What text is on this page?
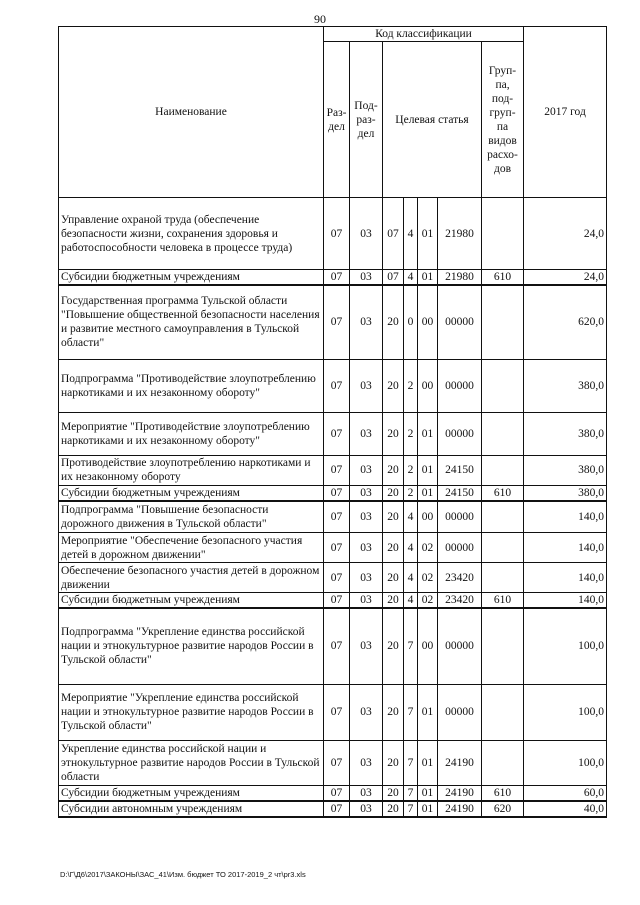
90
Наименование	Код классификации							2017 год
	Раз-дел	Под-раз-дел	Целевая статья				Груп-па, под-груп-па видов расхо-дов	
Управление охраной труда (обеспечение безопасности жизни, сохранения здоровья и работоспособности человека в процессе труда)	07	03	07	4	01	21980		24,0
Субсидии бюджетным учреждениям	07	03	07	4	01	21980	610	24,0
Государственная программа Тульской области "Повышение общественной безопасности населения и развитие местного самоуправления в Тульской области"	07	03	20	0	00	00000		620,0
Подпрограмма "Противодействие злоупотреблению наркотиками и их незаконному обороту"	07	03	20	2	00	00000		380,0
Мероприятие "Противодействие злоупотреблению наркотиками и их незаконному обороту"	07	03	20	2	01	00000		380,0
Противодействие злоупотреблению наркотиками и их незаконному обороту	07	03	20	2	01	24150		380,0
Субсидии бюджетным учреждениям	07	03	20	2	01	24150	610	380,0
Подпрограмма "Повышение безопасности дорожного движения в Тульской области"	07	03	20	4	00	00000		140,0
Мероприятие "Обеспечение безопасного участия детей в дорожном движении"	07	03	20	4	02	00000		140,0
Обеспечение безопасного участия детей в дорожном движении	07	03	20	4	02	23420		140,0
Субсидии бюджетным учреждениям	07	03	20	4	02	23420	610	140,0
Подпрограмма "Укрепление единства российской нации и этнокультурное развитие народов России в Тульской области"	07	03	20	7	00	00000		100,0
Мероприятие "Укрепление единства российской нации и этнокультурное развитие народов России в Тульской области"	07	03	20	7	01	00000		100,0
Укрепление единства российской нации и этнокультурное развитие народов России в Тульской области	07	03	20	7	01	24190		100,0
Субсидии бюджетным учреждениям	07	03	20	7	01	24190	610	60,0
Субсидии автономным учреждениям	07	03	20	7	01	24190	620	40,0
D:\Г\Д6\2017\ЗАКОНЫ\ЗАС_41\Изм. бюджет ТО 2017-2019_2 чт\pr3.xls
